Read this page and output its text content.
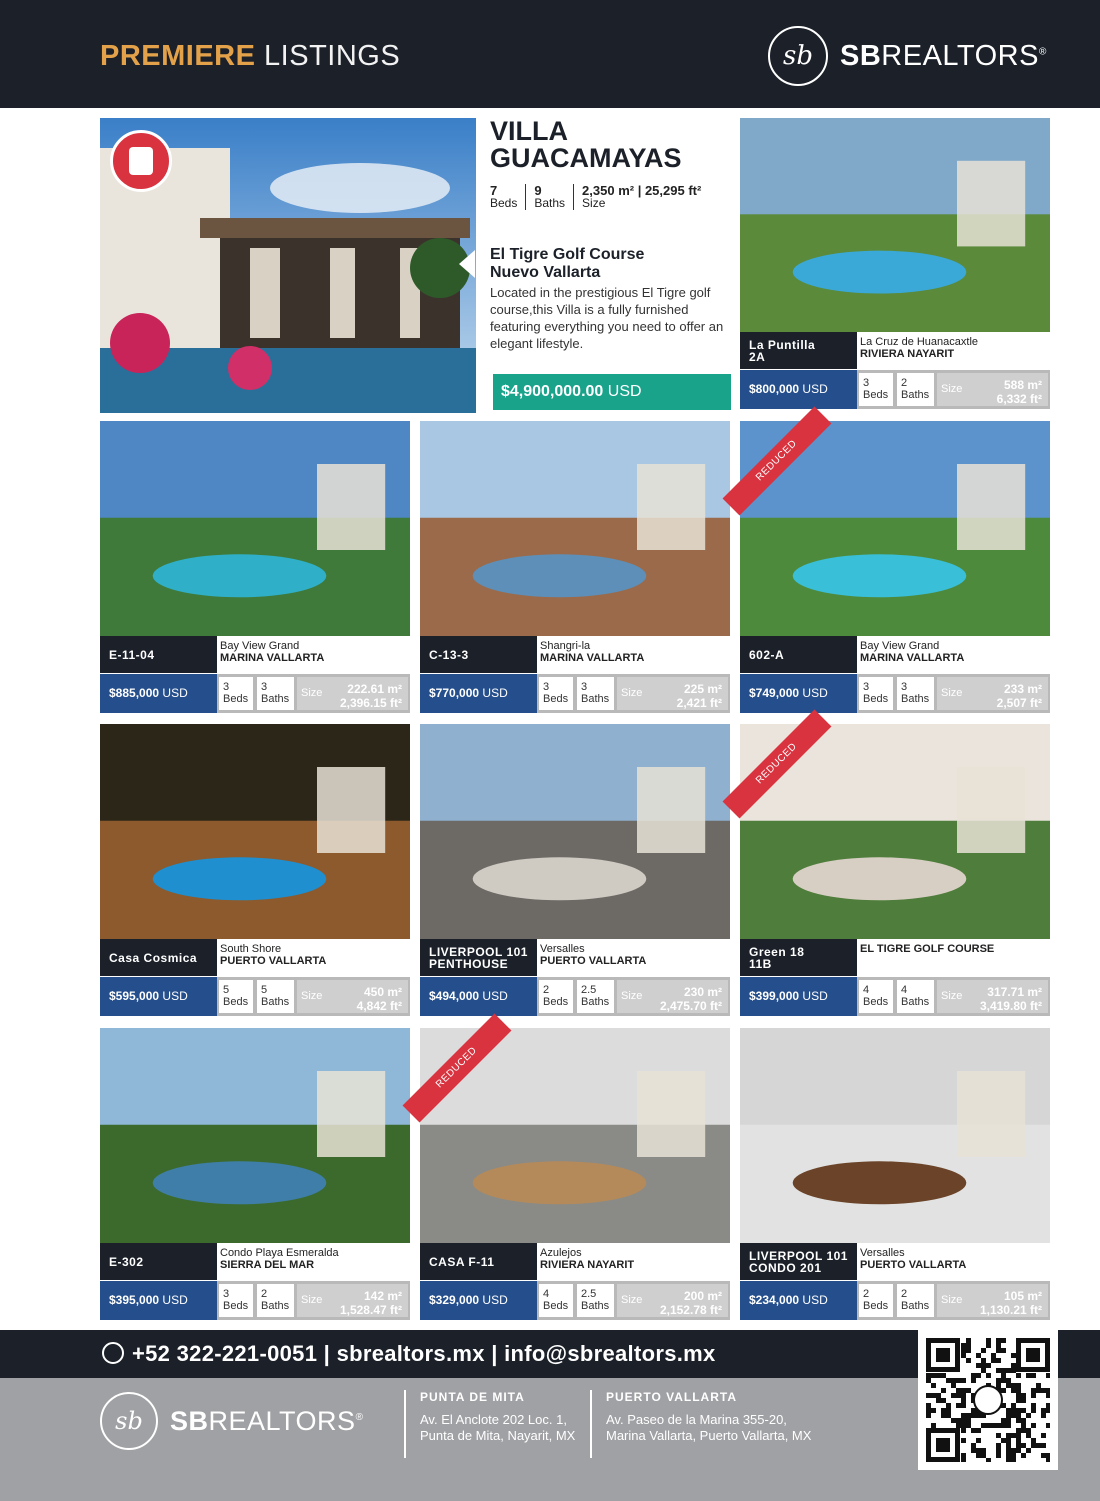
PREMIERE LISTINGS	sb SBREALTORS®
VILLA
GUACAMAYAS
7
Beds
9
Baths
2,350 m² | 25,295 ft²
Size
El Tigre Golf Course
Nuevo Vallarta
Located in the prestigious El Tigre golf course,this Villa is a fully furnished featuring everything you need to offer an elegant lifestyle.
$4,900,000.00 USD
La Puntilla
2A
La Cruz de Huanacaxtle
RIVIERA NAYARIT
$800,000 USD	3
Beds
2
Baths	Size	588 m²
6,332 ft²
E-11-04
Bay View Grand
MARINA VALLARTA
$885,000 USD	3
Beds
3
Baths	Size	222.61 m²
2,396.15 ft²
C-13-3
Shangri-la
MARINA VALLARTA
$770,000 USD	3
Beds
3
Baths	Size	225 m²
2,421 ft²
REDUCED
602-A
Bay View Grand
MARINA VALLARTA
$749,000 USD	3
Beds
3
Baths	Size	233 m²
2,507 ft²
Casa Cosmica
South Shore
PUERTO VALLARTA
$595,000 USD	5
Beds
5
Baths	Size	450 m²
4,842 ft²
LIVERPOOL 101
PENTHOUSE
Versalles
PUERTO VALLARTA
$494,000 USD	2
Beds
2.5
Baths	Size	230 m²
2,475.70 ft²
REDUCED
Green 18
11B
EL TIGRE GOLF COURSE
$399,000 USD	4
Beds
4
Baths	Size	317.71 m²
3,419.80 ft²
E-302
Condo Playa Esmeralda
SIERRA DEL MAR
$395,000 USD	3
Beds
2
Baths	Size	142 m²
1,528.47 ft²
REDUCED
CASA F-11
Azulejos
RIVIERA NAYARIT
$329,000 USD	4
Beds
2.5
Baths	Size	200 m²
2,152.78 ft²
LIVERPOOL 101
CONDO 201
Versalles
PUERTO VALLARTA
$234,000 USD	2
Beds
2
Baths	Size	105 m²
1,130.21 ft²
+52 322-221-0051 | sbrealtors.mx | info@sbrealtors.mx
sb	SBREALTORS®
PUNTA DE MITA
Av. El Anclote 202 Loc. 1,
Punta de Mita, Nayarit, MX
PUERTO VALLARTA
Av. Paseo de la Marina 355-20,
Marina Vallarta, Puerto Vallarta, MX
